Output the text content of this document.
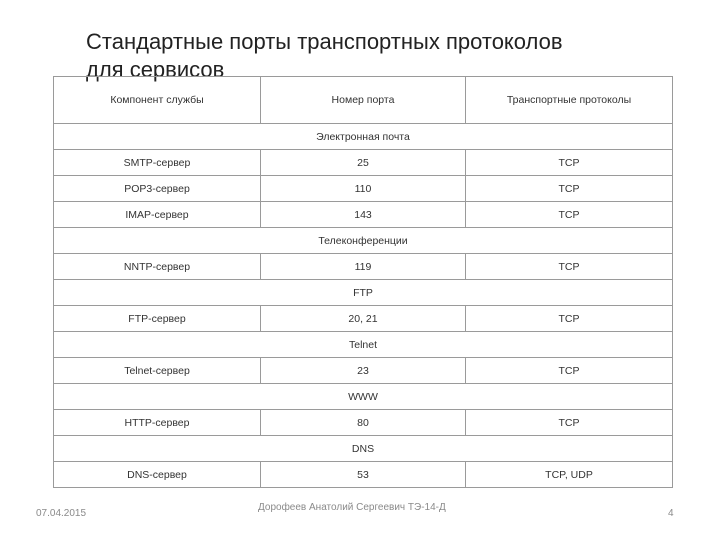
Стандартные порты транспортных протоколов
для сервисов
Компонент службы	Номер порта	Транспортные протоколы
Электронная почта		
SMTP-сервер	25	TCP
POP3-сервер	110	TCP
IMAP-сервер	143	TCP
Телеконференции		
NNTP-сервер	119	TCP
FTP		
FTP-сервер	20, 21	TCP
Telnet		
Telnet-сервер	23	TCP
WWW		
HTTP-сервер	80	TCP
DNS		
DNS-сервер	53	TCP, UDP
07.04.2015
Дорофеев Анатолий Сергеевич ТЭ-14-Д
4
